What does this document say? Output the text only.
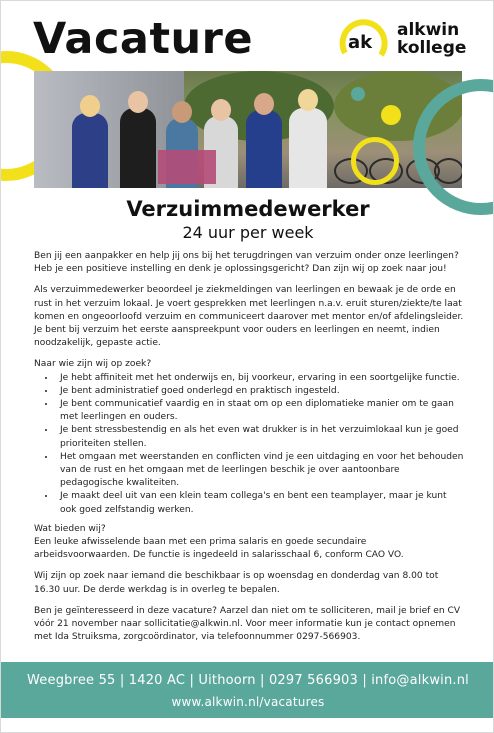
Vacature	ak
alkwin
kollege
Verzuimmedewerker
24 uur per week

Ben jij een aanpakker en help jij ons bij het terugdringen van verzuim onder onze leerlingen? Heb je een positieve instelling en denk je oplossingsgericht? Dan zijn wij op zoek naar jou!

Als verzuimmedewerker beoordeel je ziekmeldingen van leerlingen en bewaak je de orde en rust in het verzuim lokaal. Je voert gesprekken met leerlingen n.a.v. eruit sturen/ziekte/te laat komen en ongeoorloofd verzuim en communiceert daarover met mentor en/of afdelingsleider. Je bent bij verzuim het eerste aanspreekpunt voor ouders en leerlingen en neemt, indien noodzakelijk, gepaste actie.

Naar wie zijn wij op zoek?

• Je hebt affiniteit met het onderwijs en, bij voorkeur, ervaring in een soortgelijke functie.
• Je bent administratief goed onderlegd en praktisch ingesteld.
• Je bent communicatief vaardig en in staat om op een diplomatieke manier om te gaan met leerlingen en ouders.
• Je bent stressbestendig en als het even wat drukker is in het verzuimlokaal kun je goed prioriteiten stellen.
• Het omgaan met weerstanden en conflicten vind je een uitdaging en voor het behouden van de rust en het omgaan met de leerlingen beschik je over aantoonbare pedagogische kwaliteiten.
• Je maakt deel uit van een klein team collega's en bent een teamplayer, maar je kunt ook goed zelfstandig werken.

Wat bieden wij?

Een leuke afwisselende baan met een prima salaris en goede secundaire arbeidsvoorwaarden. De functie is ingedeeld in salarisschaal 6, conform CAO VO.

Wij zijn op zoek naar iemand die beschikbaar is op woensdag en donderdag van 8.00 tot 16.30 uur. De derde werkdag is in overleg te bepalen.

Ben je geïnteresseerd in deze vacature? Aarzel dan niet om te solliciteren, mail je brief en CV vóór 21 november naar sollicitatie@alkwin.nl. Voor meer informatie kun je contact opnemen met Ida Struiksma, zorgcoördinator, via telefoonnummer 0297-566903.

Weegbree 55 | 1420 AC | Uithoorn | 0297 566903 | info@alkwin.nl
www.alkwin.nl/vacatures
